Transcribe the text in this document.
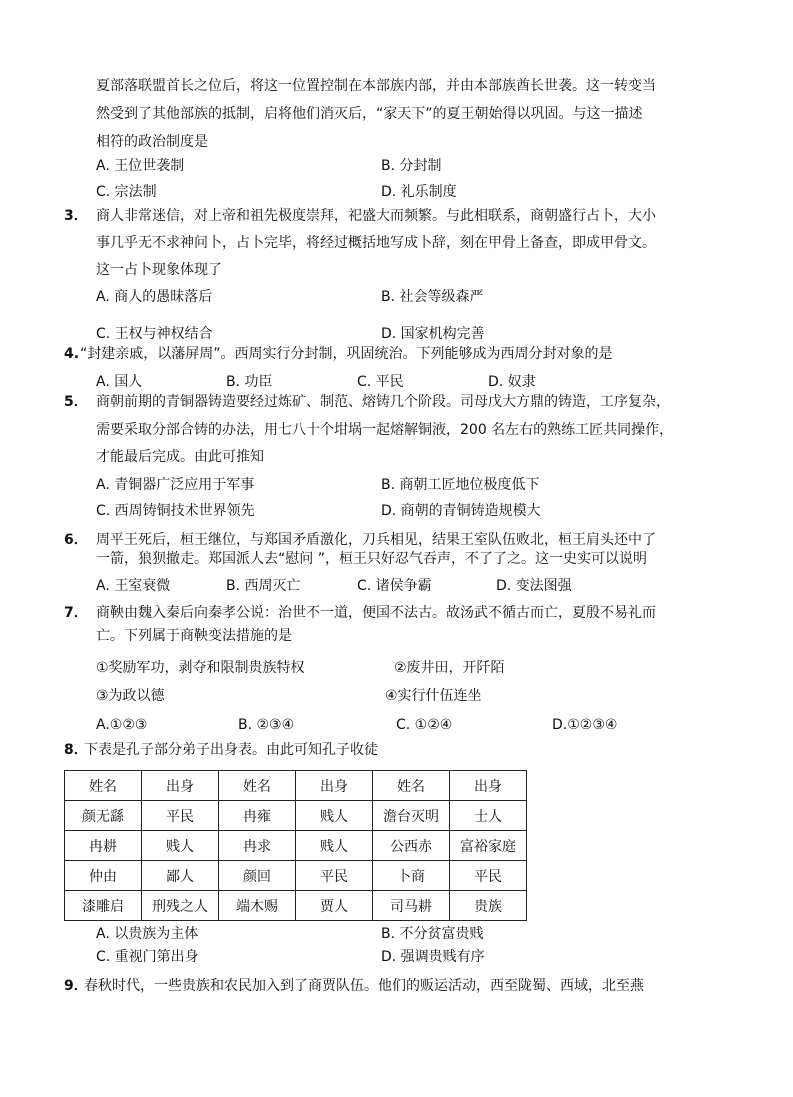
夏部落联盟首长之位后，将这一位置控制在本部族内部，并由本部族酋长世袭。这一转变当
然受到了其他部族的抵制，启将他们消灭后，“家天下”的夏王朝始得以巩固。与这一描述
相符的政治制度是
A. 王位世袭制	B. 分封制
C. 宗法制	D. 礼乐制度
3． 商人非常迷信，对上帝和祖先极度崇拜，祀盛大而频繁。与此相联系，商朝盛行占卜，大小
事几乎无不求神问卜，占卜完毕，将经过概括地写成卜辞，刻在甲骨上备查，即成甲骨文。
这一占卜现象体现了
A. 商人的愚昧落后	B. 社会等级森严
C. 王权与神权结合	D. 国家机构完善
4. “封建亲戚，以藩屏周”。西周实行分封制，巩固统治。下列能够成为西周分封对象的是
A. 国人	B. 功臣	C. 平民	D. 奴隶
5． 商朝前期的青铜器铸造要经过炼矿、制范、熔铸几个阶段。司母戊大方鼎的铸造，工序复杂，
需要采取分部合铸的办法，用七八十个坩埚一起熔解铜液，200 名左右的熟练工匠共同操作，
才能最后完成。由此可推知
A. 青铜器广泛应用于军事	B. 商朝工匠地位极度低下
C. 西周铸铜技术世界领先	D. 商朝的青铜铸造规模大
6． 周平王死后，桓王继位，与郑国矛盾激化，刀兵相见，结果王室队伍败北，桓王肩头还中了
一箭，狼狈撤走。郑国派人去“慰问 ”，桓王只好忍气吞声，不了了之。这一史实可以说明
A. 王室衰微	B. 西周灭亡	C. 诸侯争霸	D. 变法图强
7． 商鞅由魏入秦后向秦孝公说：治世不一道，便国不法古。故汤武不循古而亡，夏殷不易礼而
亡。下列属于商鞅变法措施的是
①奖励军功，剥夺和限制贵族特权	②废井田，开阡陌
③为政以德	④实行什伍连坐
A.①②③	B. ②③④	C. ①②④	D.①②③④
8．
下表是孔子部分弟子出身表。由此可知孔子收徒
姓名	出身	姓名	出身	姓名	出身
颜无繇	平民	冉雍	贱人	澹台灭明	士人
冉耕	贱人	冉求	贱人	公西赤	富裕家庭
仲由	鄙人	颜回	平民	卜商	平民
漆雕启	刑残之人	端木赐	贾人	司马耕	贵族
A. 以贵族为主体	B. 不分贫富贵贱
C. 重视门第出身	D. 强调贵贱有序
9．
春秋时代，一些贵族和农民加入到了商贾队伍。他们的贩运活动，西至陇蜀、西域，北至燕
